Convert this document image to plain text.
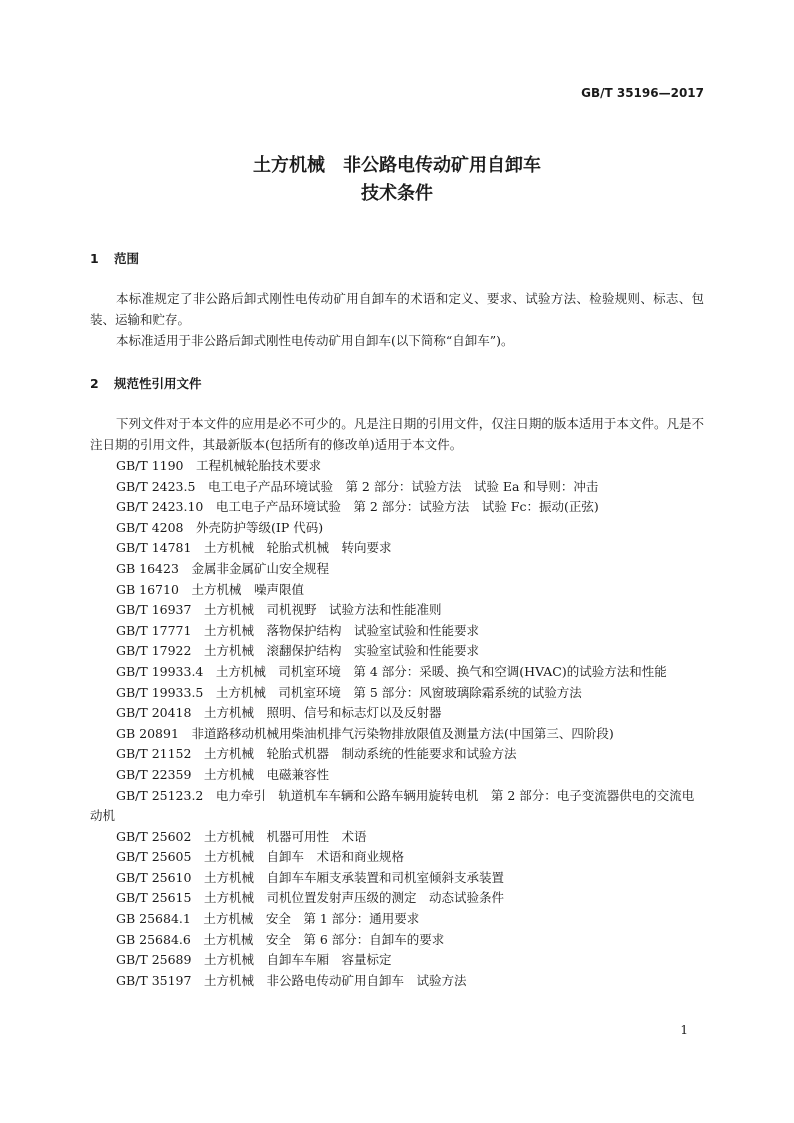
GB/T 35196—2017
土方机械　非公路电传动矿用自卸车
技术条件
1 范围
本标准规定了非公路后卸式刚性电传动矿用自卸车的术语和定义、要求、试验方法、检验规则、标志、包装、运输和贮存。
本标准适用于非公路后卸式刚性电传动矿用自卸车(以下简称“自卸车”)。
2 规范性引用文件
下列文件对于本文件的应用是必不可少的。凡是注日期的引用文件，仅注日期的版本适用于本文件。凡是不注日期的引用文件，其最新版本(包括所有的修改单)适用于本文件。
GB/T 1190　 工程机械轮胎技术要求
GB/T 2423.5　 电工电子产品环境试验　第 2 部分：试验方法　试验 Ea 和导则：冲击
GB/T 2423.10　 电工电子产品环境试验　第 2 部分：试验方法　试验 Fc：振动(正弦)
GB/T 4208　 外壳防护等级(IP 代码)
GB/T 14781　 土方机械　轮胎式机械　转向要求
GB 16423　 金属非金属矿山安全规程
GB 16710　 土方机械　噪声限值
GB/T 16937　 土方机械　司机视野　试验方法和性能准则
GB/T 17771　 土方机械　落物保护结构　试验室试验和性能要求
GB/T 17922　 土方机械　滚翻保护结构　实验室试验和性能要求
GB/T 19933.4　 土方机械　司机室环境　第 4 部分：采暖、换气和空调(HVAC)的试验方法和性能
GB/T 19933.5　 土方机械　司机室环境　第 5 部分：风窗玻璃除霜系统的试验方法
GB/T 20418　 土方机械　照明、信号和标志灯以及反射器
GB 20891　 非道路移动机械用柴油机排气污染物排放限值及测量方法(中国第三、四阶段)
GB/T 21152　 土方机械　轮胎式机器　制动系统的性能要求和试验方法
GB/T 22359　 土方机械　电磁兼容性
GB/T 25123.2　 电力牵引　轨道机车车辆和公路车辆用旋转电机　第 2 部分：电子变流器供电的交流电动机
GB/T 25602　 土方机械　机器可用性　术语
GB/T 25605　 土方机械　自卸车　术语和商业规格
GB/T 25610　 土方机械　自卸车车厢支承装置和司机室倾斜支承装置
GB/T 25615　 土方机械　司机位置发射声压级的测定　动态试验条件
GB 25684.1　 土方机械　安全　第 1 部分：通用要求
GB 25684.6　 土方机械　安全　第 6 部分：自卸车的要求
GB/T 25689　 土方机械　自卸车车厢　容量标定
GB/T 35197　 土方机械　非公路电传动矿用自卸车　试验方法
1
